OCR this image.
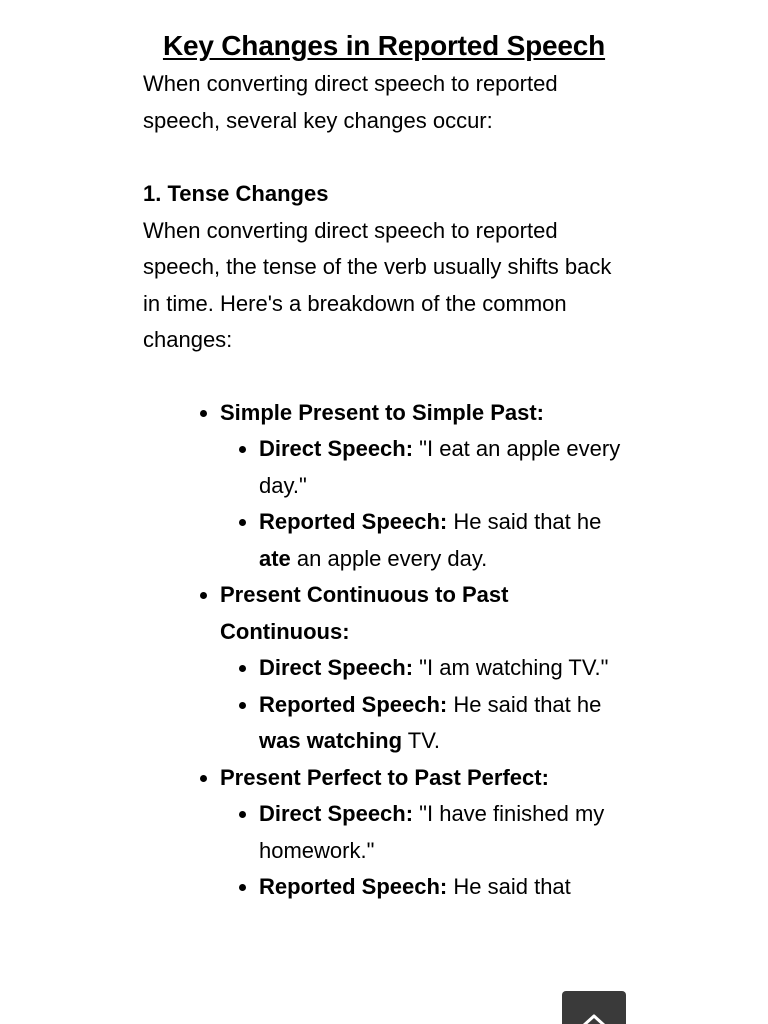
Key Changes in Reported Speech

When converting direct speech to reported speech, several key changes occur:

1. Tense Changes

When converting direct speech to reported speech, the tense of the verb usually shifts back in time. Here's a breakdown of the common changes:

Simple Present to Simple Past:
Direct Speech: "I eat an apple every day."
Reported Speech: He said that he ate an apple every day.
Present Continuous to Past Continuous:
Direct Speech: "I am watching TV."
Reported Speech: He said that he was watching TV.
Present Perfect to Past Perfect:
Direct Speech: "I have finished my homework."
Reported Speech: He said that
